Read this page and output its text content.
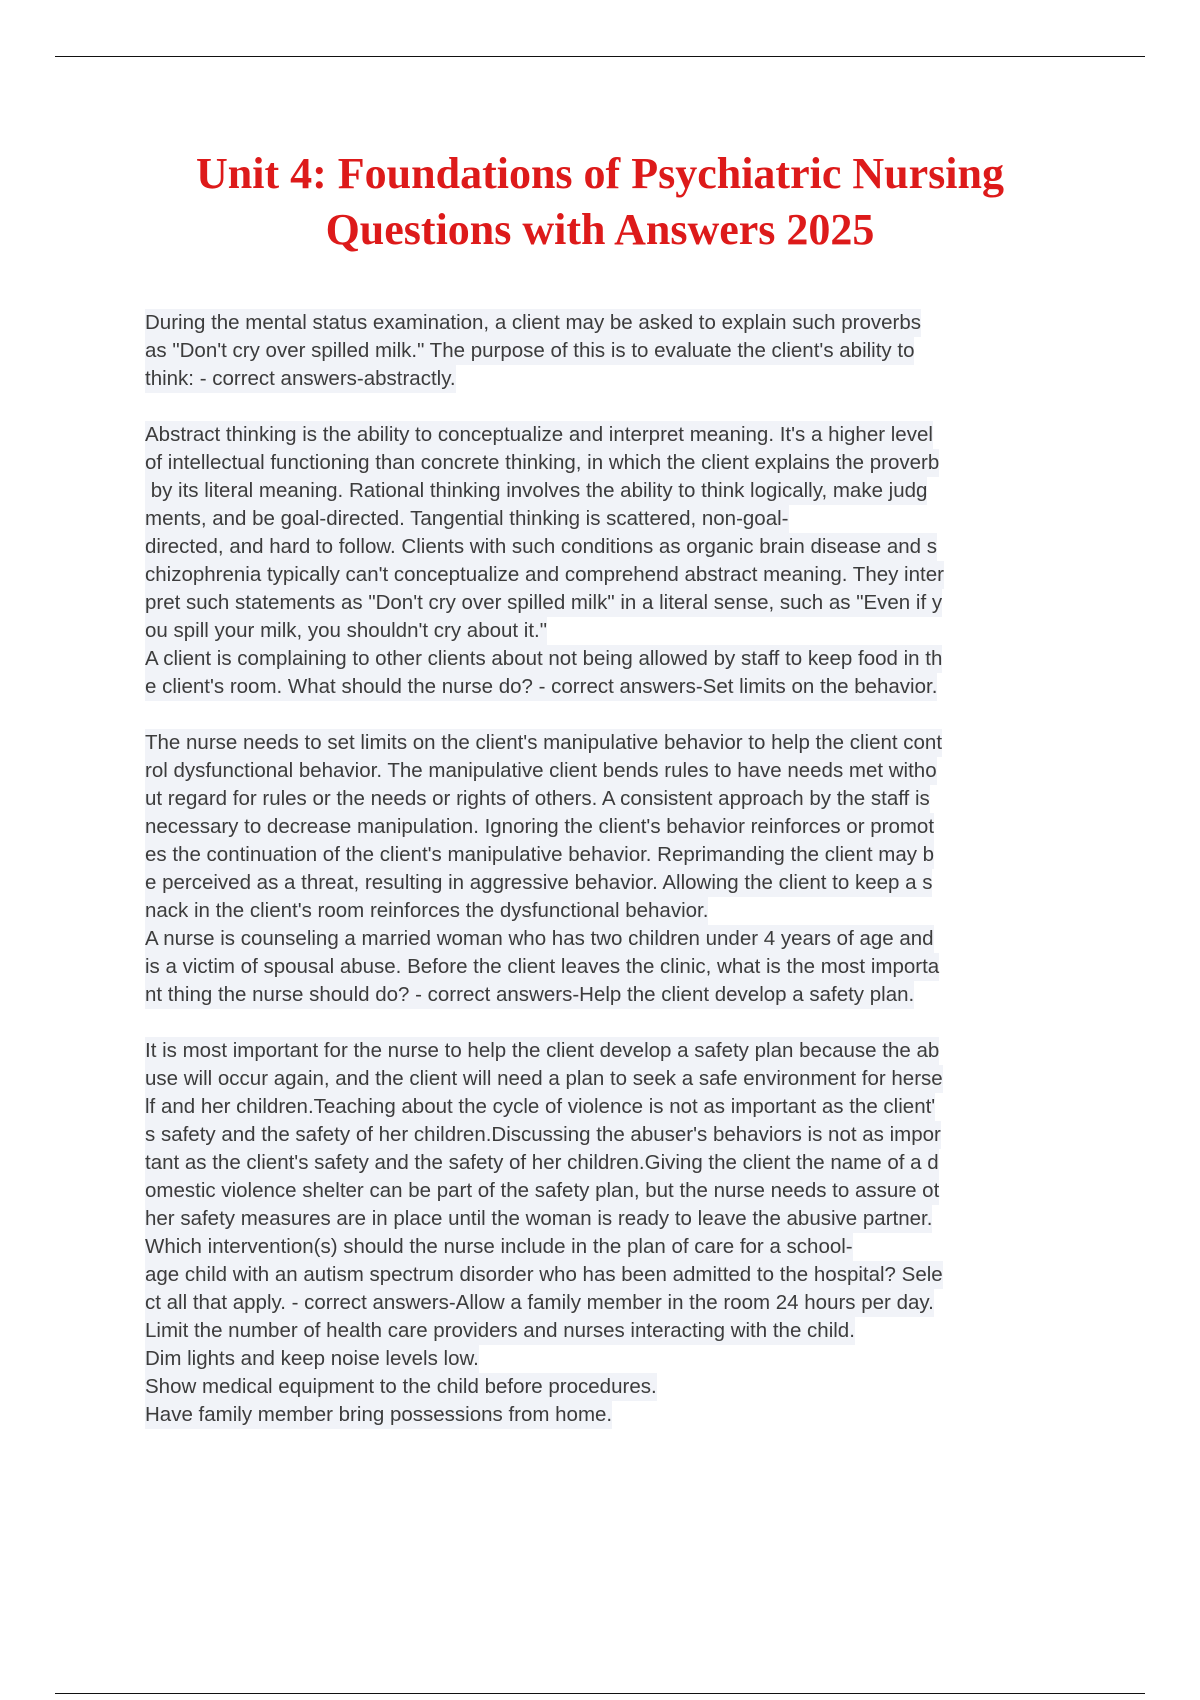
Unit 4: Foundations of Psychiatric Nursing
Questions with Answers 2025
During the mental status examination, a client may be asked to explain such proverbs
as "Don't cry over spilled milk." The purpose of this is to evaluate the client's ability to
think: - correct answers-abstractly.
Abstract thinking is the ability to conceptualize and interpret meaning. It's a higher level
of intellectual functioning than concrete thinking, in which the client explains the proverb
by its literal meaning. Rational thinking involves the ability to think logically, make judg
ments, and be goal-directed. Tangential thinking is scattered, non-goal-
directed, and hard to follow. Clients with such conditions as organic brain disease and s
chizophrenia typically can't conceptualize and comprehend abstract meaning. They inter
pret such statements as "Don't cry over spilled milk" in a literal sense, such as "Even if y
ou spill your milk, you shouldn't cry about it."
A client is complaining to other clients about not being allowed by staff to keep food in th
e client's room. What should the nurse do? - correct answers-Set limits on the behavior.
The nurse needs to set limits on the client's manipulative behavior to help the client cont
rol dysfunctional behavior. The manipulative client bends rules to have needs met witho
ut regard for rules or the needs or rights of others. A consistent approach by the staff is
necessary to decrease manipulation. Ignoring the client's behavior reinforces or promot
es the continuation of the client's manipulative behavior. Reprimanding the client may b
e perceived as a threat, resulting in aggressive behavior. Allowing the client to keep a s
nack in the client's room reinforces the dysfunctional behavior.
A nurse is counseling a married woman who has two children under 4 years of age and
is a victim of spousal abuse. Before the client leaves the clinic, what is the most importa
nt thing the nurse should do? - correct answers-Help the client develop a safety plan.
It is most important for the nurse to help the client develop a safety plan because the ab
use will occur again, and the client will need a plan to seek a safe environment for herse
lf and her children.Teaching about the cycle of violence is not as important as the client'
s safety and the safety of her children.Discussing the abuser's behaviors is not as impor
tant as the client's safety and the safety of her children.Giving the client the name of a d
omestic violence shelter can be part of the safety plan, but the nurse needs to assure ot
her safety measures are in place until the woman is ready to leave the abusive partner.
Which intervention(s) should the nurse include in the plan of care for a school-
age child with an autism spectrum disorder who has been admitted to the hospital? Sele
ct all that apply. - correct answers-Allow a family member in the room 24 hours per day.
Limit the number of health care providers and nurses interacting with the child.
Dim lights and keep noise levels low.
Show medical equipment to the child before procedures.
Have family member bring possessions from home.
